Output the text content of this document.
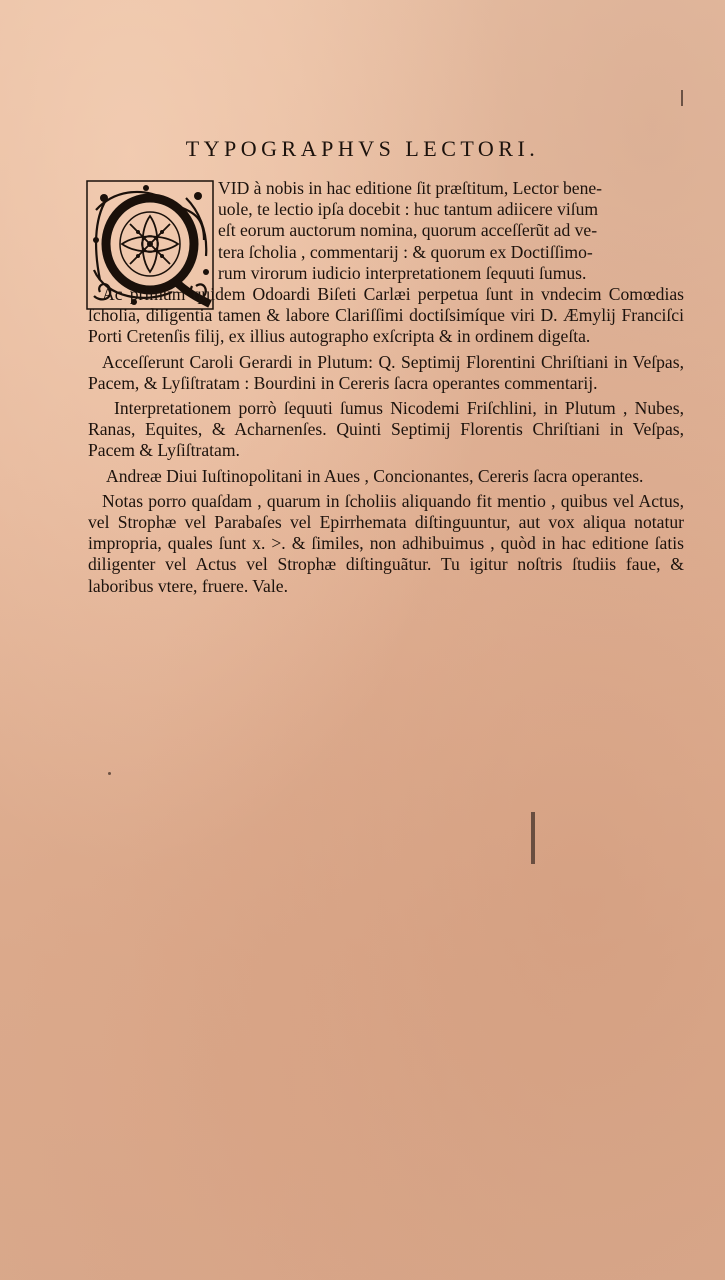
TYPOGRAPHVS LECTORI.

VID à nobis in hac editione ſit præſtitum, Lector bene-
uole, te lectio ipſa docebit : huc tantum adiicere viſum
eſt eorum auctorum nomina, quorum acceſſerũt ad ve-
tera ſcholia , commentarij : & quorum ex Doctiſſimo-
rum virorum iudicio interpretationem ſequuti ſumus.

Ac primùm quidem Odoardi Biſeti Carlæi perpetua ſunt in vndecim Comœdias ſcholia, diligentia tamen & labore Clariſſimi doctiſsimíque viri D. Æmylij Franciſci Porti Cretenſis filij, ex illius autographo exſcripta & in ordinem digeſta.

Acceſſerunt Caroli Gerardi in Plutum: Q. Septimij Florentini Chriſtiani in Veſpas, Pacem, & Lyſiſtratam : Bourdini in Cereris ſacra operantes commentarij.

Interpretationem porrò ſequuti ſumus Nicodemi Friſchlini, in Plutum , Nubes, Ranas, Equites, & Acharnenſes. Quinti Septimij Florentis Chriſtiani in Veſpas, Pacem & Lyſiſtratam.

Andreæ Diui Iuſtinopolitani in Aues , Concionantes, Cereris ſacra operantes.

Notas porro quaſdam , quarum in ſcholiis aliquando fit mentio , quibus vel Actus, vel Strophæ vel Parabaſes vel Epirrhemata diſtinguuntur, aut vox aliqua notatur impropria, quales ſunt x. >. & ſimiles, non adhibuimus , quòd in hac editione ſatis diligenter vel Actus vel Strophæ diſtinguãtur. Tu igitur noſtris ſtudiis faue, & laboribus vtere, fruere. Vale.
